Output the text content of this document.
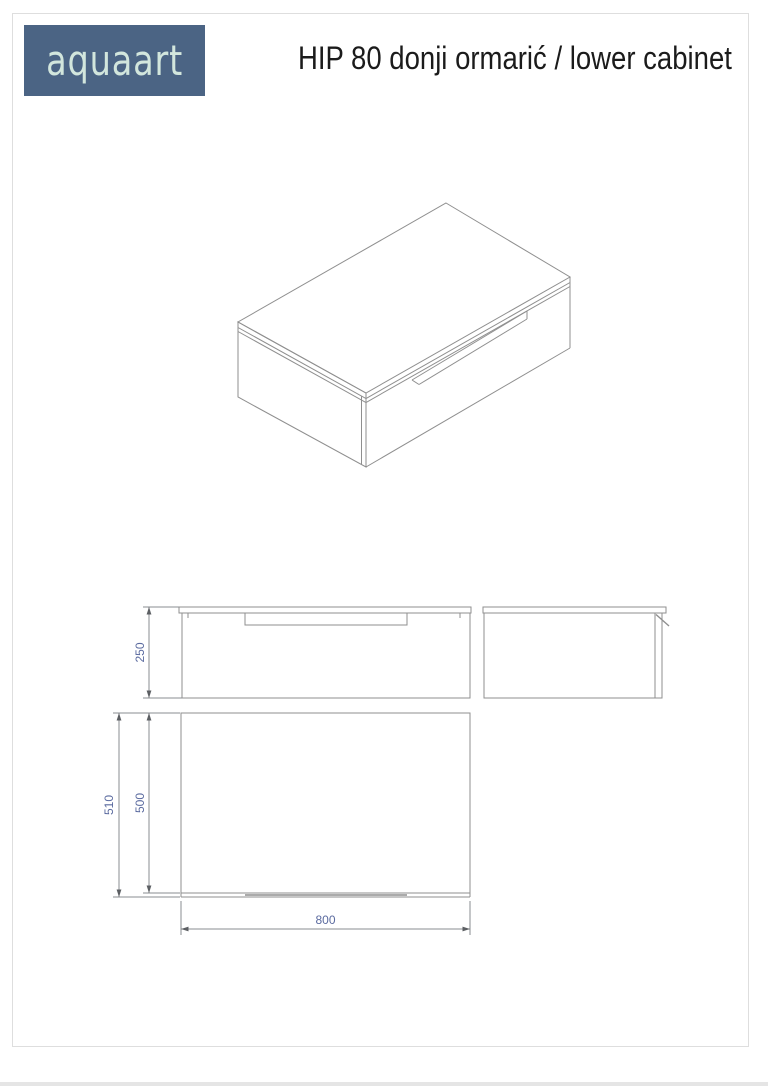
aquaart	HIP 80 donji ormarić / lower cabinet
250
510 500
800
